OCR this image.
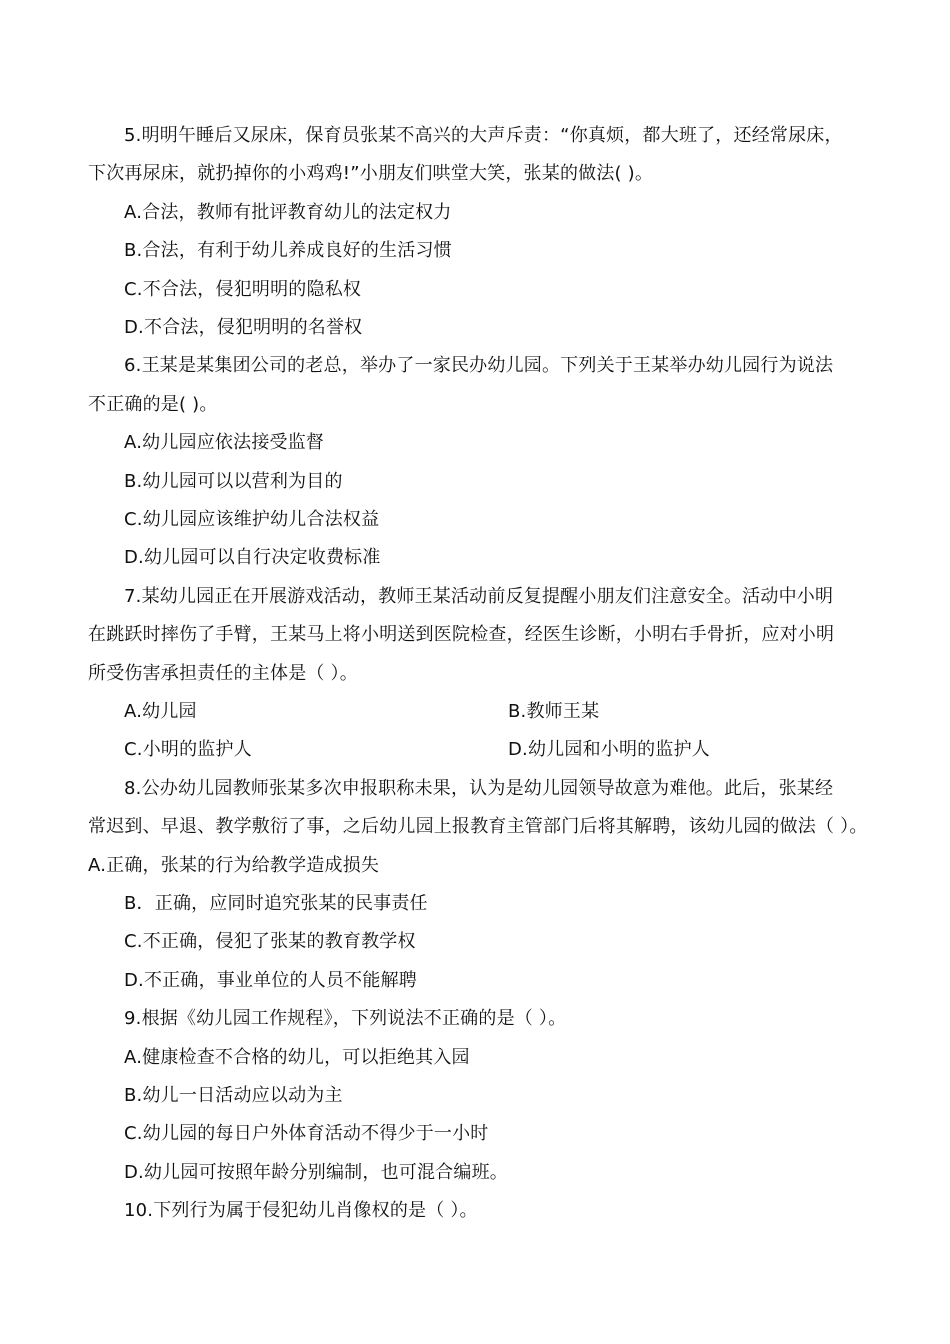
5.明明午睡后又尿床，保育员张某不高兴的大声斥责：“你真烦，都大班了，还经常尿床，
下次再尿床，就扔掉你的小鸡鸡!”小朋友们哄堂大笑，张某的做法( )。
A.合法，教师有批评教育幼儿的法定权力
B.合法，有利于幼儿养成良好的生活习惯
C.不合法，侵犯明明的隐私权
D.不合法，侵犯明明的名誉权
6.王某是某集团公司的老总，举办了一家民办幼儿园。下列关于王某举办幼儿园行为说法
不正确的是( )。
A.幼儿园应依法接受监督
B.幼儿园可以以营利为目的
C.幼儿园应该维护幼儿合法权益
D.幼儿园可以自行决定收费标准
7.某幼儿园正在开展游戏活动，教师王某活动前反复提醒小朋友们注意安全。活动中小明
在跳跃时摔伤了手臂，王某马上将小明送到医院检查，经医生诊断，小明右手骨折，应对小明
所受伤害承担责任的主体是（ ）。
A.幼儿园	B.教师王某
C.小明的监护人	D.幼儿园和小明的监护人
8.公办幼儿园教师张某多次申报职称未果，认为是幼儿园领导故意为难他。此后，张某经
常迟到、早退、教学敷衍了事，之后幼儿园上报教育主管部门后将其解聘，该幼儿园的做法（ ）。
A.正确，张某的行为给教学造成损失
B．正确，应同时追究张某的民事责任
C.不正确，侵犯了张某的教育教学权
D.不正确，事业单位的人员不能解聘
9.根据《幼儿园工作规程》，下列说法不正确的是（ ）。
A.健康检查不合格的幼儿，可以拒绝其入园
B.幼儿一日活动应以动为主
C.幼儿园的每日户外体育活动不得少于一小时
D.幼儿园可按照年龄分别编制，也可混合编班。
10.下列行为属于侵犯幼儿肖像权的是（ ）。
